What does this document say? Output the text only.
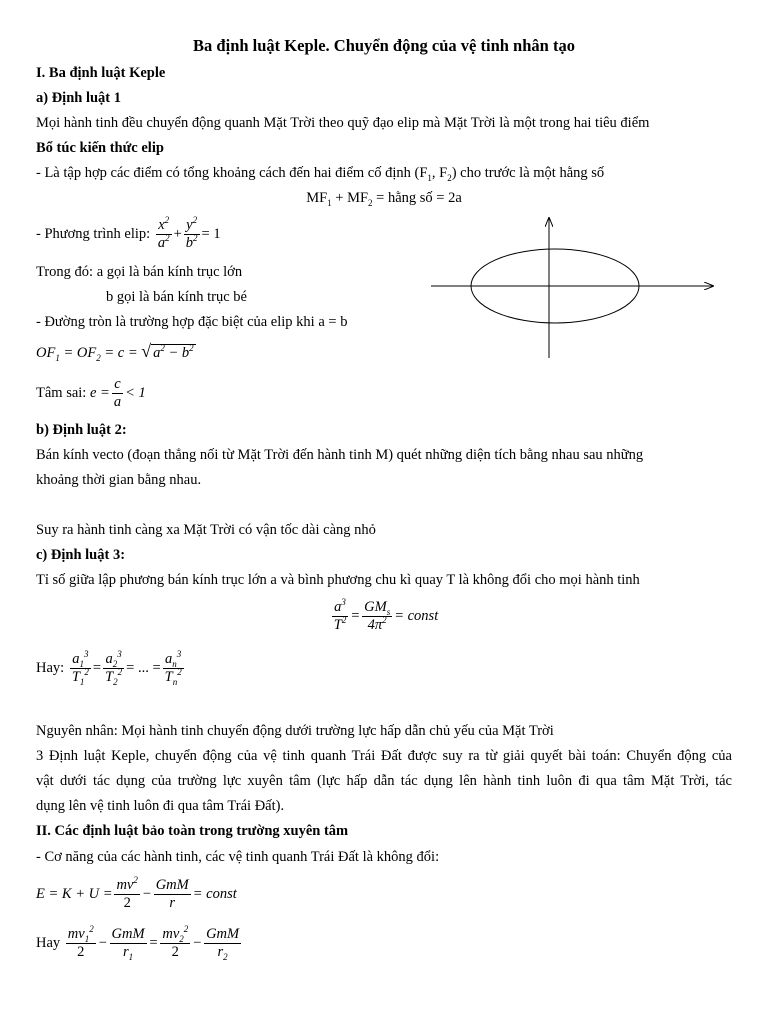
Ba định luật Keple. Chuyển động của vệ tinh nhân tạo
I. Ba định luật Keple
a) Định luật 1
Mọi hành tinh đều chuyển động quanh Mặt Trời theo quỹ đạo elip mà Mặt Trời là một trong hai tiêu điểm
Bổ túc kiến thức elip
- Là tập hợp các điểm có tổng khoảng cách đến hai điểm cố định ($F_1$, $F_2$) cho trước là một hằng số
$MF_1 + MF_2$ = hằng số = 2a
- Phương trình elip: $\frac{x^2}{a^2} + \frac{y^2}{b^2} = 1$
Trong đó: a gọi là bán kính trục lớn
b gọi là bán kính trục bé
- Đường tròn là trường hợp đặc biệt của elip khi a = b
$OF_1 = OF_2 = c$ = √ $a^2 - b^2$
Tâm sai: $e = \frac{c}{a} < 1$
b) Định luật 2:
Bán kính vecto (đoạn thẳng nối từ Mặt Trời đến hành tinh M) quét những diện tích bằng nhau sau những
khoảng thời gian bằng nhau.
Suy ra hành tinh càng xa Mặt Trời có vận tốc dài càng nhỏ
c) Định luật 3:
Tỉ số giữa lập phương bán kính trục lớn a và bình phương chu kì quay T là không đổi cho mọi hành tinh
$\frac{a^3}{T^2} = \frac{GM_s}{4\pi^2}$ = const
Hay: $\frac{a_1^3}{T_1^2} = \frac{a_2^3}{T_2^2}$ = ... = $\frac{a_n^3}{T_n^2}$
Nguyên nhân: Mọi hành tinh chuyển động dưới trường lực hấp dẫn chủ yếu của Mặt Trời
3 Định luật Keple, chuyển động của vệ tinh quanh Trái Đất được suy ra từ giải quyết bài toán: Chuyển động của
vật dưới tác dụng của trường lực xuyên tâm (lực hấp dẫn tác dụng lên hành tinh luôn đi qua tâm Mặt Trời, tác
dụng lên vệ tinh luôn đi qua tâm Trái Đất).
II. Các định luật bảo toàn trong trường xuyên tâm
- Cơ năng của các hành tinh, các vệ tinh quanh Trái Đất là không đổi:
$E = K + U = \frac{mv^2}{2} - \frac{\text{GmM}}{r}$ = const
Hay $\frac{mv_1^2}{2} - \frac{\text{GmM}}{r_1} = \frac{mv_2^2}{2} - \frac{\text{GmM}}{r_2}$
